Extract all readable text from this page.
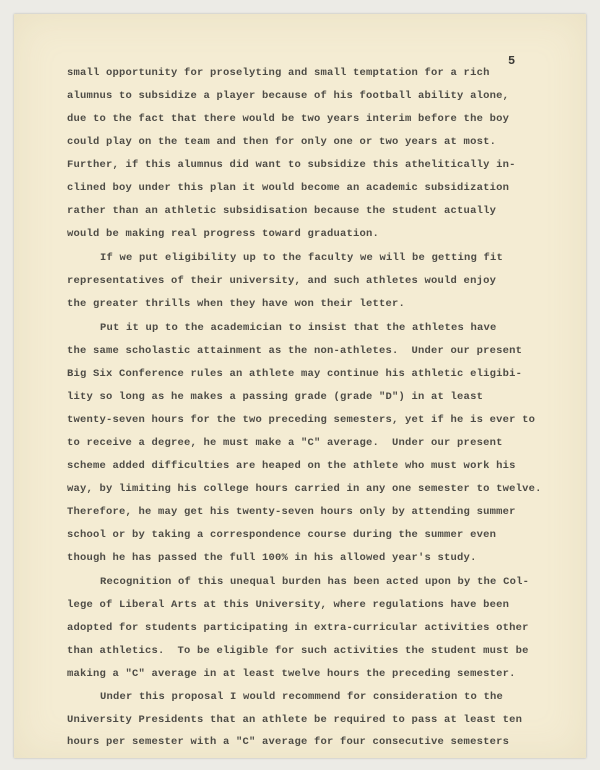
5
small opportunity for proselyting and small temptation for a rich
alumnus to subsidize a player because of his football ability alone,
due to the fact that there would be two years interim before the boy
could play on the team and then for only one or two years at most.
Further, if this alumnus did want to subsidize this athelitically in-
clined boy under this plan it would become an academic subsidization
rather than an athletic subsidisation because the student actually
would be making real progress toward graduation.
If we put eligibility up to the faculty we will be getting fit
representatives of their university, and such athletes would enjoy
the greater thrills when they have won their letter.
Put it up to the academician to insist that the athletes have
the same scholastic attainment as the non-athletes.  Under our present
Big Six Conference rules an athlete may continue his athletic eligibi-
lity so long as he makes a passing grade (grade "D") in at least
twenty-seven hours for the two preceding semesters, yet if he is ever to
to receive a degree, he must make a "C" average.  Under our present
scheme added difficulties are heaped on the athlete who must work his
way, by limiting his college hours carried in any one semester to twelve.
Therefore, he may get his twenty-seven hours only by attending summer
school or by taking a correspondence course during the summer even
though he has passed the full 100% in his allowed year's study.
Recognition of this unequal burden has been acted upon by the Col-
lege of Liberal Arts at this University, where regulations have been
adopted for students participating in extra-curricular activities other
than athletics.  To be eligible for such activities the student must be
making a "C" average in at least twelve hours the preceding semester.
Under this proposal I would recommend for consideration to the
University Presidents that an athlete be required to pass at least ten
hours per semester with a "C" average for four consecutive semesters
